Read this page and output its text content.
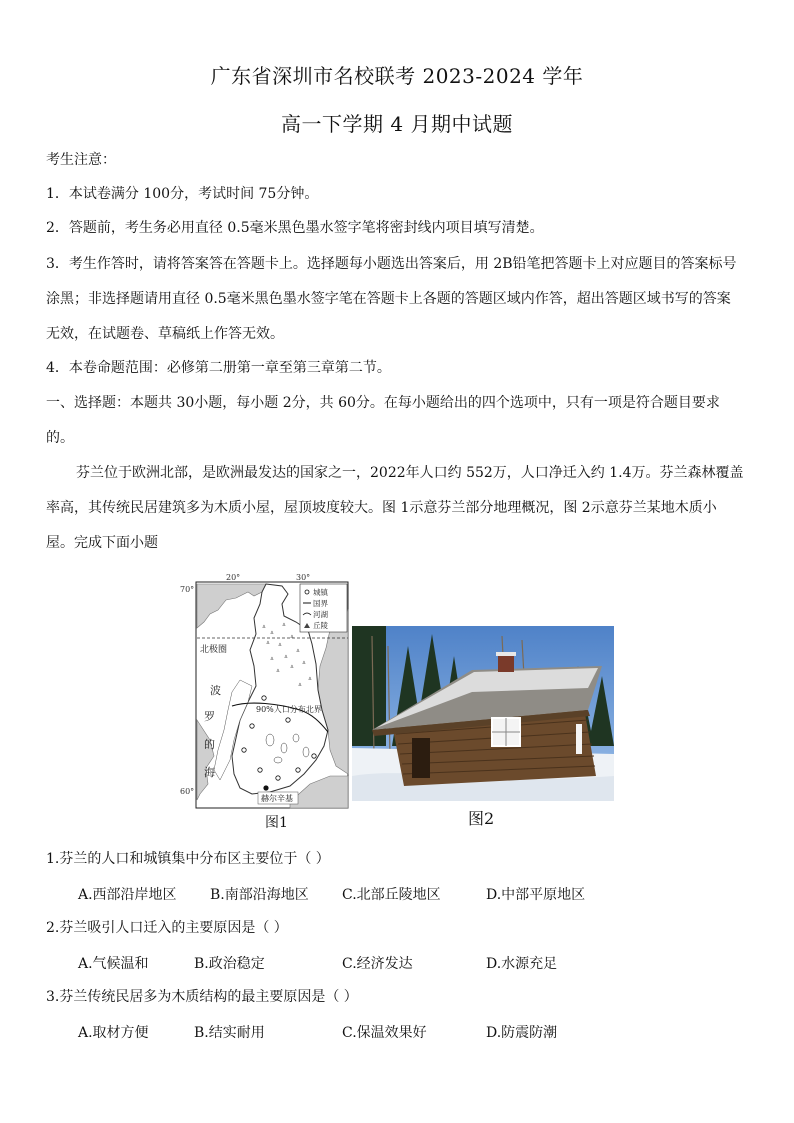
广东省深圳市名校联考 2023-2024 学年
高一下学期 4 月期中试题
考生注意：
1．本试卷满分 100分，考试时间 75分钟。
2．答题前，考生务必用直径 0.5毫米黑色墨水签字笔将密封线内项目填写清楚。
3．考生作答时，请将答案答在答题卡上。选择题每小题选出答案后，用 2B铅笔把答题卡上对应题目的答案标号
涂黑；非选择题请用直径 0.5毫米黑色墨水签字笔在答题卡上各题的答题区域内作答，超出答题区域书写的答案
无效，在试题卷、草稿纸上作答无效。
4．本卷命题范围：必修第二册第一章至第三章第二节。
一、选择题：本题共 30小题，每小题 2分，共 60分。在每小题给出的四个选项中，只有一项是符合题目要求
的。
芬兰位于欧洲北部，是欧洲最发达的国家之一，2022年人口约 552万，人口净迁入约 1.4万。芬兰森林覆盖
率高，其传统民居建筑多为木质小屋，屋顶坡度较大。图 1示意芬兰部分地理概况，图 2示意芬兰某地木质小
屋。完成下面小题
70°
60°
20°	30°
北极圈
ᐞ
ᐞ
ᐞ
ᐞ ᐞ
ᐞ
ᐞ ᐞ
ᐞ
ᐞ ᐞ ᐞ
ᐞ
ᐞ
90%人口分布北界
波
罗
的
海
赫尔辛基
城镇
国界
河湖
丘陵
图1	图2
1.芬兰的人口和城镇集中分布区主要位于（ ）
A.西部沿岸地区 B.南部沿海地区 C.北部丘陵地区	D.中部平原地区
2.芬兰吸引人口迁入的主要原因是（ ）
A.气候温和	B.政治稳定	C.经济发达	D.水源充足
3.芬兰传统民居多为木质结构的最主要原因是（ ）
A.取材方便	B.结实耐用	C.保温效果好	D.防震防潮
